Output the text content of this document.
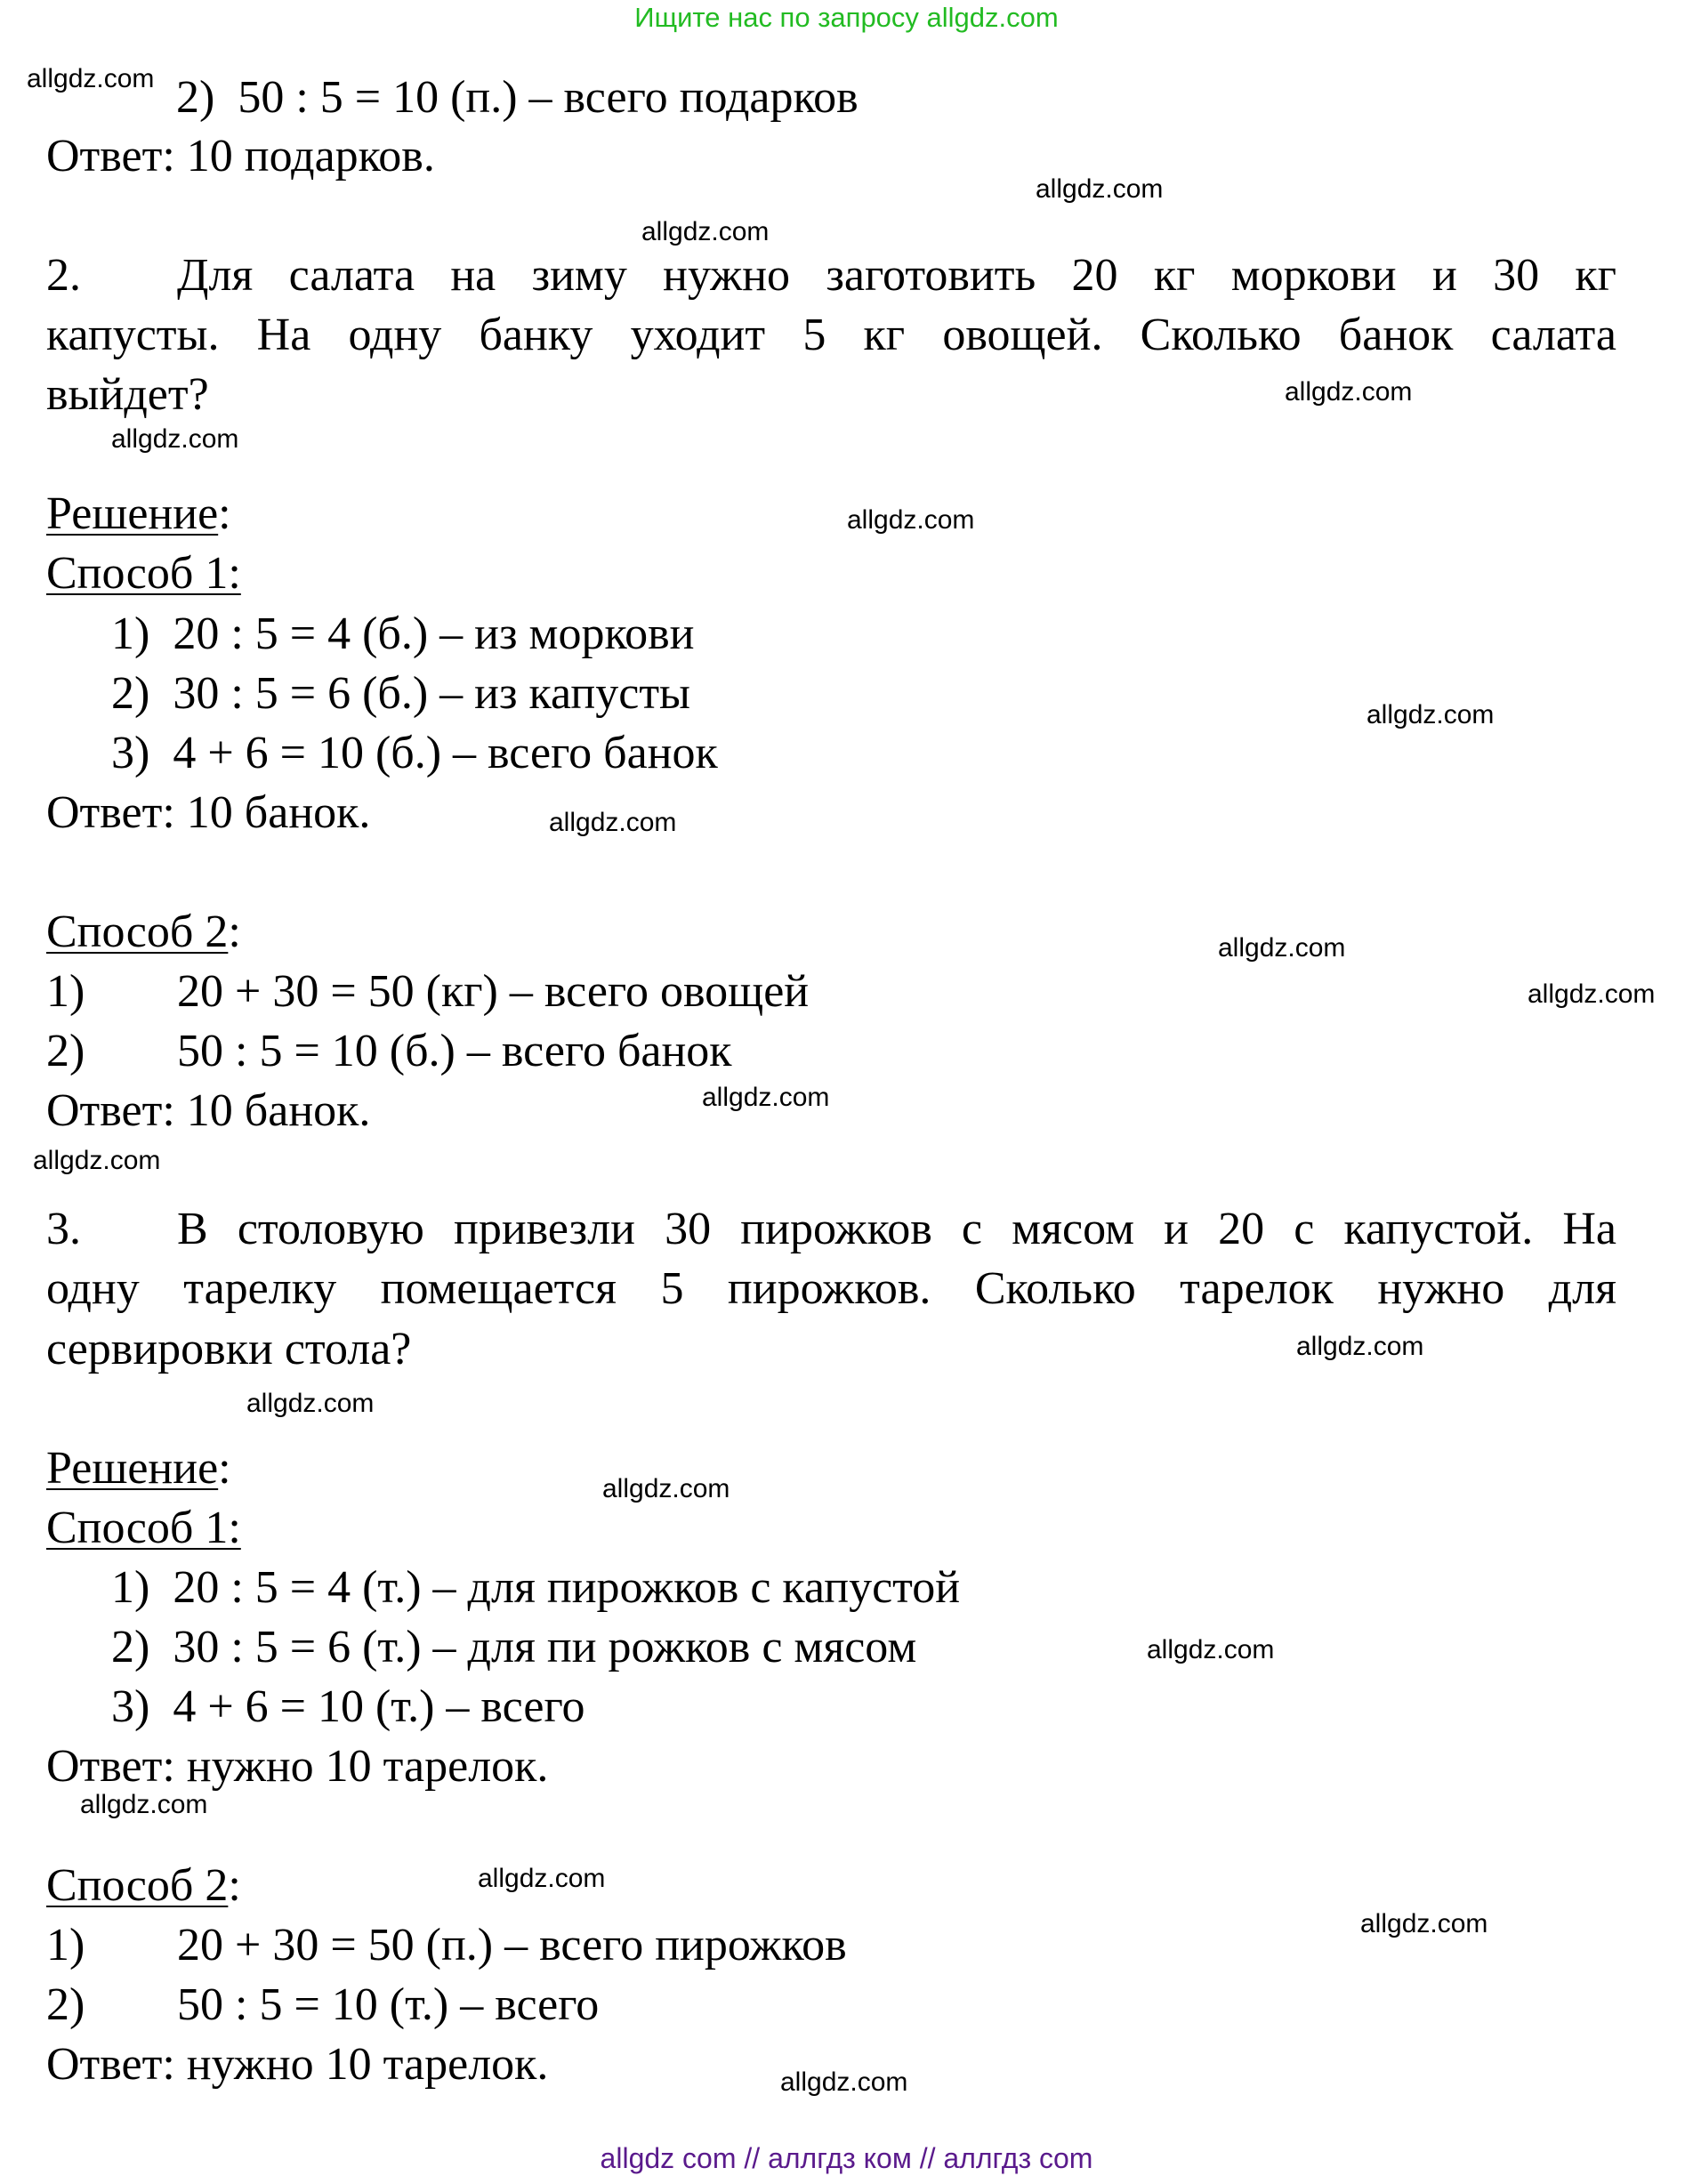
Ищите нас по запросу allgdz.com
2)  50 : 5 = 10 (п.) – всего подарков
Ответ: 10 подарков.
2. Для салата на зиму нужно заготовить 20 кг моркови и 30 кг
капусты. На одну банку уходит 5 кг овощей. Сколько банок салата
выйдет?
Решение:
Способ 1:
1)  20 : 5 = 4 (б.) – из моркови
2)  30 : 5 = 6 (б.) – из капусты
3)  4 + 6 = 10 (б.) – всего банок
Ответ: 10 банок.
Способ 2:
1) 20 + 30 = 50 (кг) – всего овощей
2) 50 : 5 = 10 (б.) – всего банок
Ответ: 10 банок.
3. В столовую привезли 30 пирожков с мясом и 20 с капустой. На
одну тарелку помещается 5 пирожков. Сколько тарелок нужно для
сервировки стола?
Решение:
Способ 1:
1)  20 : 5 = 4 (т.) – для пирожков с капустой
2)  30 : 5 = 6 (т.) – для пи рожков с мясом
3)  4 + 6 = 10 (т.) – всего
Ответ: нужно 10 тарелок.
Способ 2:
1) 20 + 30 = 50 (п.) – всего пирожков
2) 50 : 5 = 10 (т.) – всего
Ответ: нужно 10 тарелок.
allgdz.com
allgdz.com
allgdz.com
allgdz.com
allgdz.com
allgdz.com
allgdz.com
allgdz.com
allgdz.com
allgdz.com
allgdz.com
allgdz.com
allgdz.com
allgdz.com
allgdz.com
allgdz.com
allgdz.com
allgdz.com
allgdz.com
allgdz.com
allgdz com // аллгдз ком // аллгдз com
